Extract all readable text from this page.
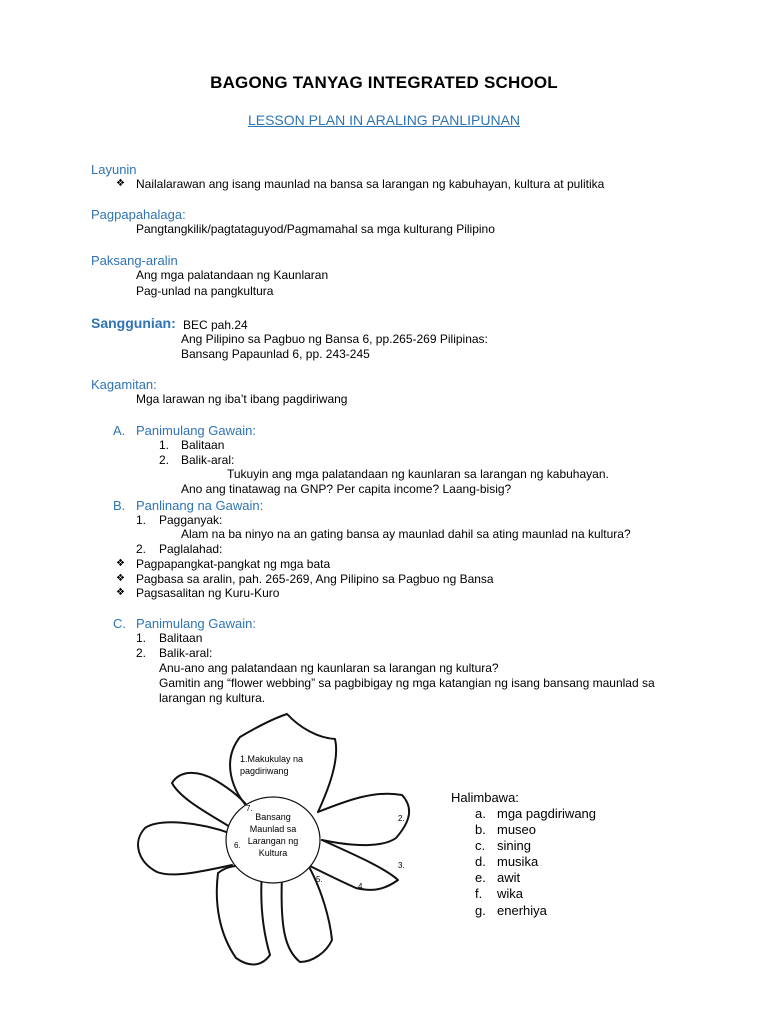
BAGONG TANYAG INTEGRATED SCHOOL
LESSON PLAN IN ARALING PANLIPUNAN
Layunin
❖ Nailalarawan ang isang maunlad na bansa sa larangan ng kabuhayan, kultura at pulitika
Pagpapahalaga:
Pangtangkilik/pagtataguyod/Pagmamahal sa mga kulturang Pilipino
Paksang-aralin
Ang mga palatandaan ng Kaunlaran
Pag-unlad na pangkultura
Sanggunian: BEC pah.24
Ang Pilipino sa Pagbuo ng Bansa 6, pp.265-269 Pilipinas:
Bansang Papaunlad 6, pp. 243-245
Kagamitan:
Mga larawan ng iba’t ibang pagdiriwang
A. Panimulang Gawain:
1. Balitaan
2. Balik-aral:
Tukuyin ang mga palatandaan ng kaunlaran sa larangan ng kabuhayan.
Ano ang tinatawag na GNP? Per capita income? Laang-bisig?
B. Panlinang na Gawain:
1. Pagganyak:
Alam na ba ninyo na an gating bansa ay maunlad dahil sa ating maunlad na kultura?
2. Paglalahad:
❖ Pagpapangkat-pangkat ng mga bata
❖ Pagbasa sa aralin, pah. 265-269, Ang Pilipino sa Pagbuo ng Bansa
❖ Pagsasalitan ng Kuru-Kuro
C. Panimulang Gawain:
1. Balitaan
2. Balik-aral:
Anu-ano ang palatandaan ng kaunlaran sa larangan ng kultura?
Gamitin ang “flower webbing” sa pagbibigay ng mga katangian ng isang bansang maunlad sa
larangan ng kultura.
1.Makukulay na
pagdiriwang
Bansang
Maunlad sa
Larangan ng
Kultura
2.
3.
4.
5.
6.
7.
Halimbawa:
a. mga pagdiriwang
b. museo
c. sining
d. musika
e. awit
f. wika
g. enerhiya
